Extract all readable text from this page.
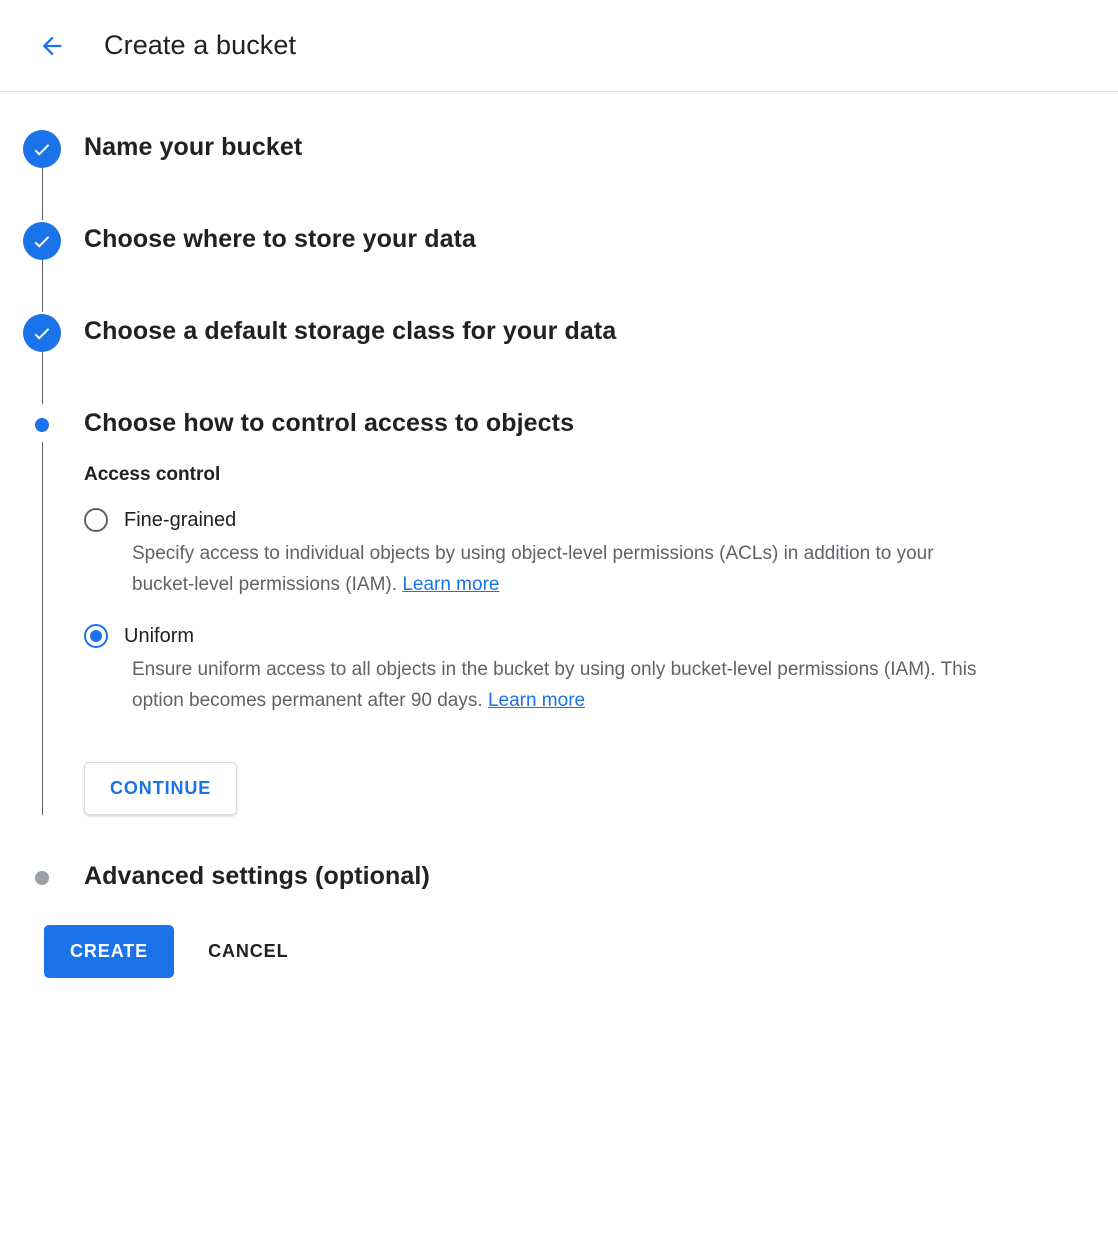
Create a bucket
Name your bucket
Choose where to store your data
Choose a default storage class for your data
Choose how to control access to objects
Access control
Fine-grained
Specify access to individual objects by using object-level permissions (ACLs) in addition to your bucket-level permissions (IAM). Learn more
Uniform
Ensure uniform access to all objects in the bucket by using only bucket-level permissions (IAM). This option becomes permanent after 90 days. Learn more
CONTINUE
Advanced settings (optional)
CREATE	CANCEL
